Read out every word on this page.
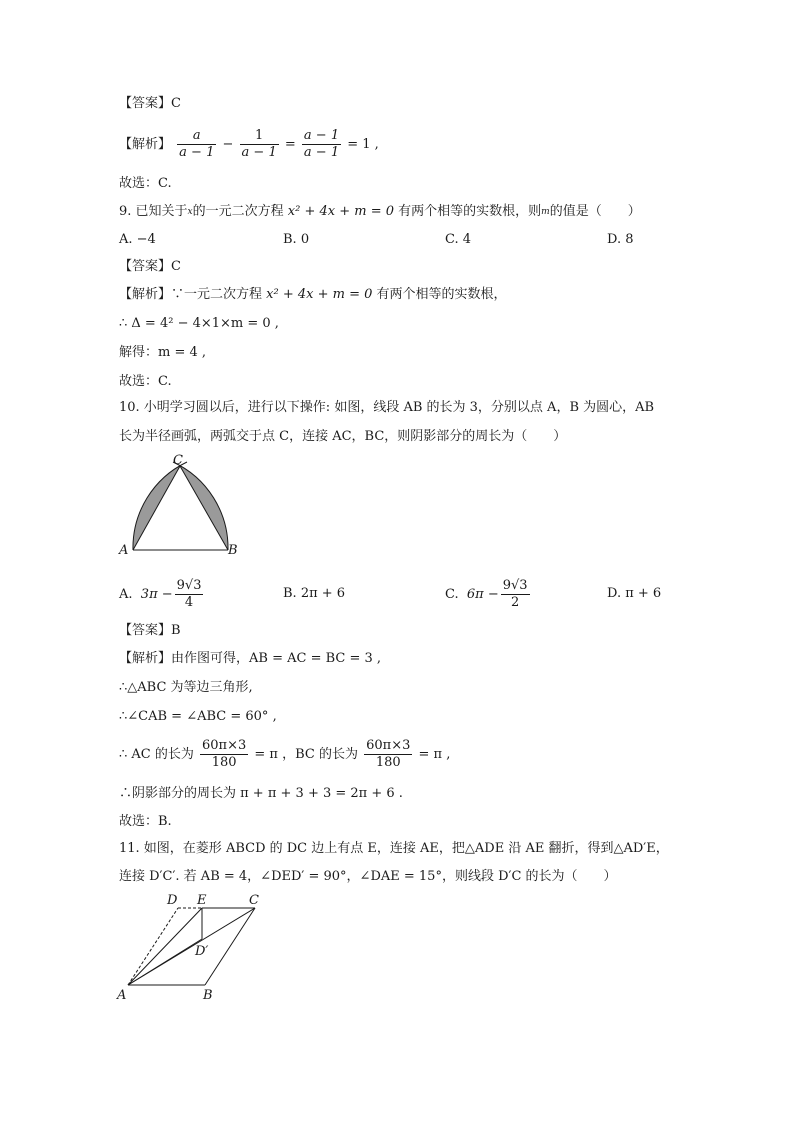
【答案】C
【解析】 $\frac{a}{a - 1} - \frac{1}{a - 1} = \frac{a - 1}{a - 1} = 1$ ,
故选：C.
9. 已知关于$^x$的一元二次方程 x² + 4x + m = 0 有两个相等的实数根，则$^m$的值是（　　）
A. −4	B. 0	C. 4	D. 8
【答案】C
【解析】∵一元二次方程 x² + 4x + m = 0 有两个相等的实数根，
∴ Δ = 4² − 4×1×m = 0 ,
解得：m = 4 ,
故选：C.
10. 小明学习圆以后，进行以下操作: 如图，线段 AB 的长为 3，分别以点 A，B 为圆心，AB
长为半径画弧，两弧交于点 C，连接 AC，BC，则阴影部分的周长为（　　）
A	B
C
A. $3\pi - \frac{9√3}{4}$	B. 2π + 6	C. $6\pi - \frac{9√3}{2}$	D. π + 6
【答案】B
【解析】由作图可得，AB = AC = BC = 3 ,
∴△ABC 为等边三角形,
∴∠CAB = ∠ABC = 60° ,
∴ AC 的长为 $\frac{60\pi\times 3}{180} = \pi$ ，BC 的长为 $\frac{60\pi\times 3}{180} = \pi$ ,
∴阴影部分的周长为 π + π + 3 + 3 = 2π + 6 .
故选：B.
11. 如图，在菱形 ABCD 的 DC 边上有点 E，连接 AE，把△ADE 沿 AE 翻折，得到△AD′E，
连接 D′C′. 若 AB = 4，∠DED′ = 90°，∠DAE = 15°，则线段 D′C 的长为（　　）
A	B
C
D E
D′
